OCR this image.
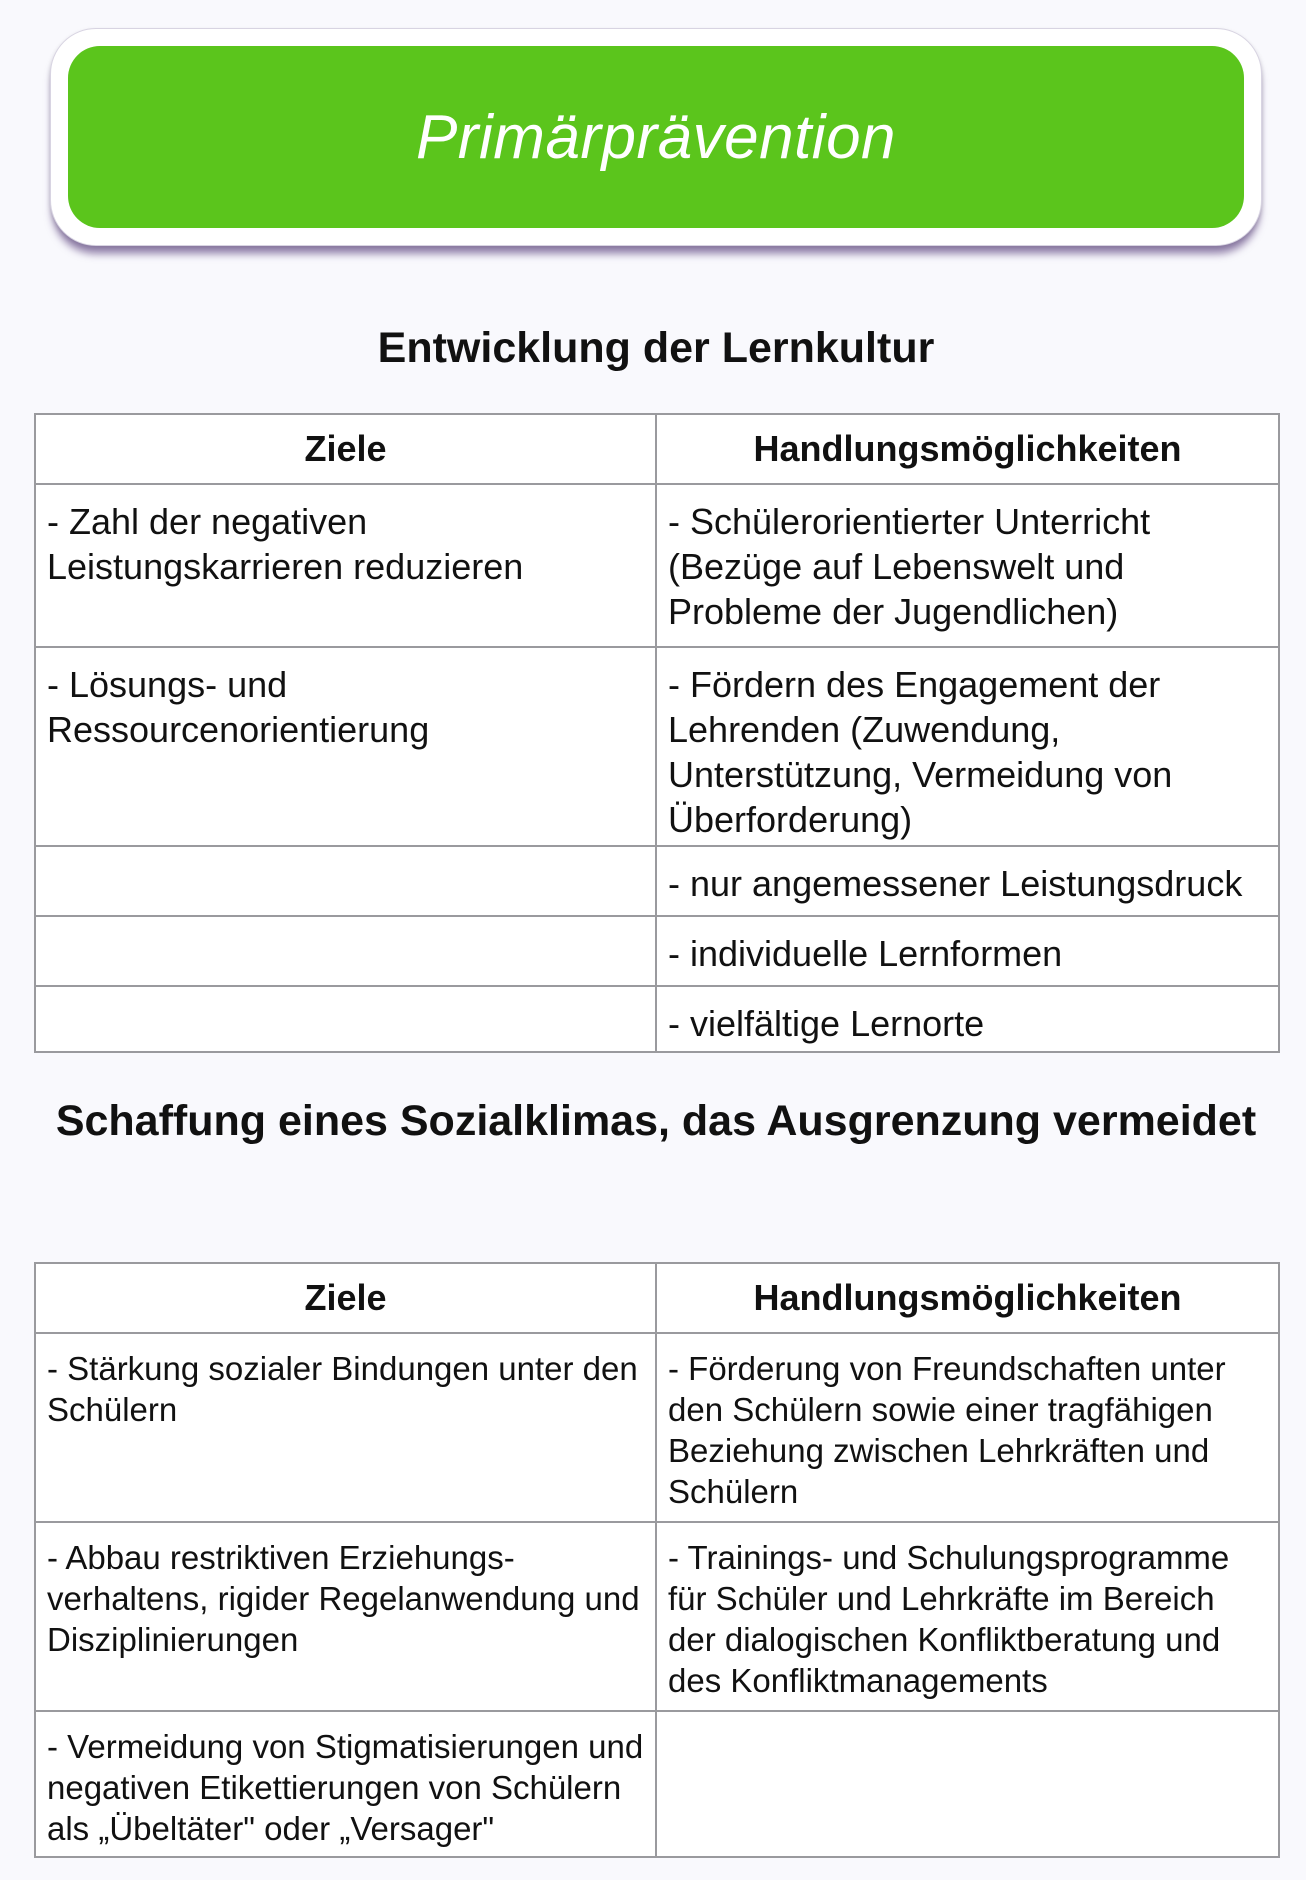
Primärprävention
Entwicklung der Lernkultur
Ziele	Handlungsmöglichkeiten
- Zahl der negativen Leistungskarrieren reduzieren	- Schülerorientierter Unterricht (Bezüge auf Lebenswelt und Probleme der Jugendlichen)
- Lösungs- und Ressourcenorientierung	- Fördern des Engagement der Lehrenden (Zuwendung, Unterstützung, Vermeidung von Überforderung)
	- nur angemessener Leistungsdruck
	- individuelle Lernformen
	- vielfältige Lernorte
Schaffung eines Sozialklimas, das Ausgrenzung vermeidet
Ziele	Handlungsmöglichkeiten
- Stärkung sozialer Bindungen unter den Schülern	- Förderung von Freundschaften unter den Schülern sowie einer tragfähigen Beziehung zwischen Lehrkräften und Schülern
- Abbau restriktiven Erziehungs-verhaltens, rigider Regelanwendung und Disziplinierungen	- Trainings- und Schulungsprogramme für Schüler und Lehrkräfte im Bereich der dialogischen Konfliktberatung und des Konfliktmanagements
- Vermeidung von Stigmatisierungen und negativen Etikettierungen von Schülern als „Übeltäter" oder „Versager"	
